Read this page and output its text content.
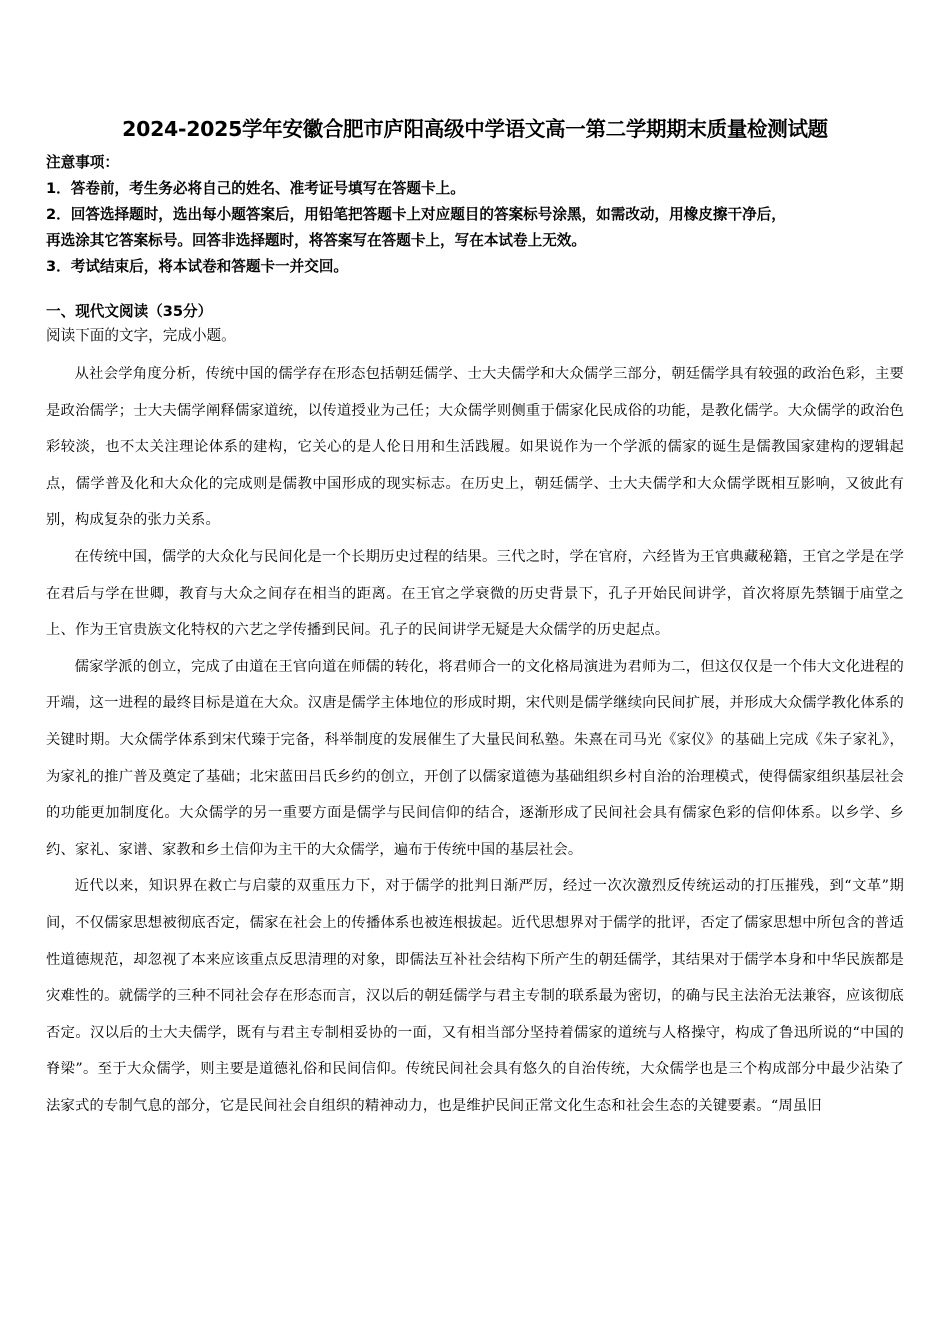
2024-2025学年安徽合肥市庐阳高级中学语文高一第二学期期末质量检测试题
注意事项：
1．答卷前，考生务必将自己的姓名、准考证号填写在答题卡上。
2．回答选择题时，选出每小题答案后，用铅笔把答题卡上对应题目的答案标号涂黑，如需改动，用橡皮擦干净后，
再选涂其它答案标号。回答非选择题时，将答案写在答题卡上，写在本试卷上无效。
3．考试结束后，将本试卷和答题卡一并交回。
一、现代文阅读（35分）
阅读下面的文字，完成小题。

从社会学角度分析，传统中国的儒学存在形态包括朝廷儒学、士大夫儒学和大众儒学三部分，朝廷儒学具有较强的政治色彩，主要是政治儒学；士大夫儒学阐释儒家道统，以传道授业为己任；大众儒学则侧重于儒家化民成俗的功能，是教化儒学。大众儒学的政治色彩较淡，也不太关注理论体系的建构，它关心的是人伦日用和生活践履。如果说作为一个学派的儒家的诞生是儒教国家建构的逻辑起点，儒学普及化和大众化的完成则是儒教中国形成的现实标志。在历史上，朝廷儒学、士大夫儒学和大众儒学既相互影响，又彼此有别，构成复杂的张力关系。

在传统中国，儒学的大众化与民间化是一个长期历史过程的结果。三代之时，学在官府，六经皆为王官典藏秘籍，王官之学是在学在君后与学在世卿，教育与大众之间存在相当的距离。在王官之学衰微的历史背景下，孔子开始民间讲学，首次将原先禁锢于庙堂之上、作为王官贵族文化特权的六艺之学传播到民间。孔子的民间讲学无疑是大众儒学的历史起点。

儒家学派的创立，完成了由道在王官向道在师儒的转化，将君师合一的文化格局演进为君师为二，但这仅仅是一个伟大文化进程的开端，这一进程的最终目标是道在大众。汉唐是儒学主体地位的形成时期，宋代则是儒学继续向民间扩展，并形成大众儒学教化体系的关键时期。大众儒学体系到宋代臻于完备，科举制度的发展催生了大量民间私塾。朱熹在司马光《家仪》的基础上完成《朱子家礼》，为家礼的推广普及奠定了基础；北宋蓝田吕氏乡约的创立，开创了以儒家道德为基础组织乡村自治的治理模式，使得儒家组织基层社会的功能更加制度化。大众儒学的另一重要方面是儒学与民间信仰的结合，逐渐形成了民间社会具有儒家色彩的信仰体系。以乡学、乡约、家礼、家谱、家教和乡土信仰为主干的大众儒学，遍布于传统中国的基层社会。

近代以来，知识界在救亡与启蒙的双重压力下，对于儒学的批判日渐严厉，经过一次次激烈反传统运动的打压摧残，到“文革”期间，不仅儒家思想被彻底否定，儒家在社会上的传播体系也被连根拔起。近代思想界对于儒学的批评，否定了儒家思想中所包含的普适性道德规范，却忽视了本来应该重点反思清理的对象，即儒法互补社会结构下所产生的朝廷儒学，其结果对于儒学本身和中华民族都是灾难性的。就儒学的三种不同社会存在形态而言，汉以后的朝廷儒学与君主专制的联系最为密切，的确与民主法治无法兼容，应该彻底否定。汉以后的士大夫儒学，既有与君主专制相妥协的一面，又有相当部分坚持着儒家的道统与人格操守，构成了鲁迅所说的“中国的脊梁”。至于大众儒学，则主要是道德礼俗和民间信仰。传统民间社会具有悠久的自治传统，大众儒学也是三个构成部分中最少沾染了法家式的专制气息的部分，它是民间社会自组织的精神动力，也是维护民间正常文化生态和社会生态的关键要素。“周虽旧
